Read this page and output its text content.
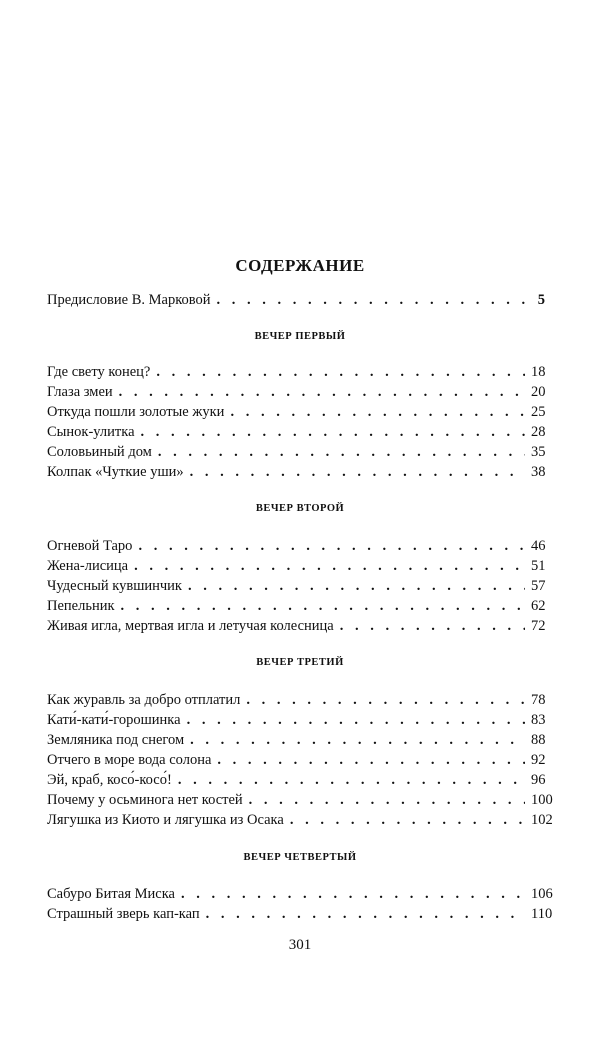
СОДЕРЖАНИЕ
Предисловие В. Марковой . . .	5
ВЕЧЕР ПЕРВЫЙ
Где свету конец? . . .	18
Глаза змеи . . .	20
Откуда пошли золотые жуки . . .	25
Сынок-улитка . . .	28
Соловьиный дом . . .	35
Колпак «Чуткие уши» . . .	38
ВЕЧЕР ВТОРОЙ
Огневой Таро . . .	46
Жена-лисица . . .	51
Чудесный кувшинчик . . .	57
Пепельник . . .	62
Живая игла, мертвая игла и летучая колесница . . .	72
ВЕЧЕР ТРЕТИЙ
Как журавль за добро отплатил . . .	78
Кати́-кати́-горошинка . . .	83
Земляника под снегом . . .	88
Отчего в море вода солона . . .	92
Эй, краб, косо́-косо́! . . .	96
Почему у осьминога нет костей . . .	100
Лягушка из Киото и лягушка из Осака . . .	102
ВЕЧЕР ЧЕТВЕРТЫЙ
Сабуро Битая Миска . . .	106
Страшный зверь кап-кап . . .	110
301
